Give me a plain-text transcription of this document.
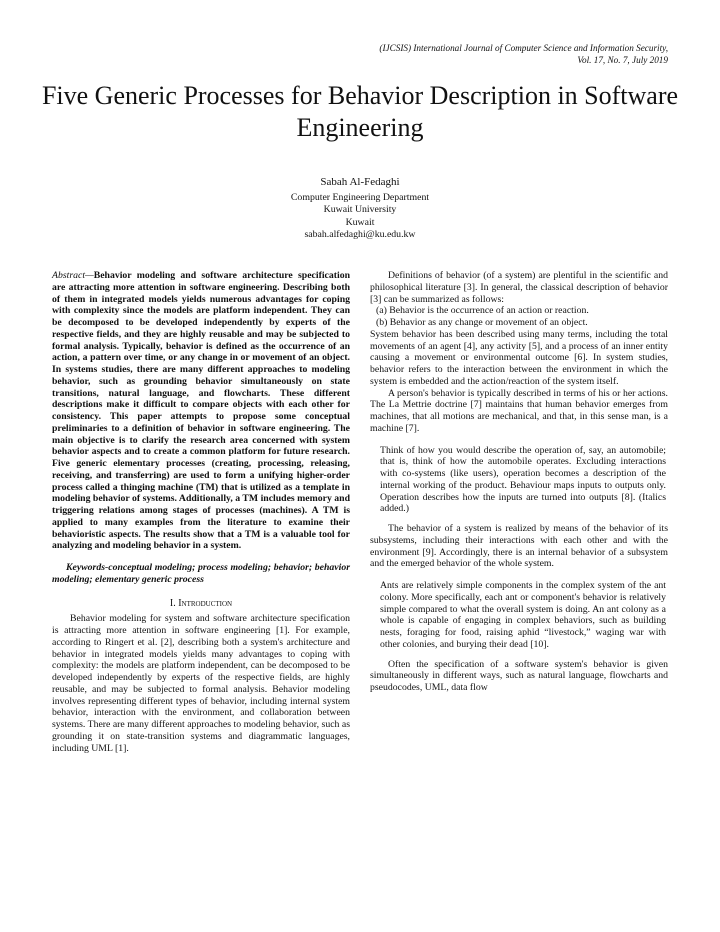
(IJCSIS) International Journal of Computer Science and Information Security,
Vol. 17, No. 7, July 2019
Five Generic Processes for Behavior Description in Software Engineering
Sabah Al-Fedaghi
Computer Engineering Department
Kuwait University
Kuwait
sabah.alfedaghi@ku.edu.kw

Abstract—Behavior modeling and software architecture specification are attracting more attention in software engineering. Describing both of them in integrated models yields numerous advantages for coping with complexity since the models are platform independent. They can be decomposed to be developed independently by experts of the respective fields, and they are highly reusable and may be subjected to formal analysis. Typically, behavior is defined as the occurrence of an action, a pattern over time, or any change in or movement of an object. In systems studies, there are many different approaches to modeling behavior, such as grounding behavior simultaneously on state transitions, natural language, and flowcharts. These different descriptions make it difficult to compare objects with each other for consistency. This paper attempts to propose some conceptual preliminaries to a definition of behavior in software engineering. The main objective is to clarify the research area concerned with system behavior aspects and to create a common platform for future research. Five generic elementary processes (creating, processing, releasing, receiving, and transferring) are used to form a unifying higher-order process called a thinging machine (TM) that is utilized as a template in modeling behavior of systems. Additionally, a TM includes memory and triggering relations among stages of processes (machines). A TM is applied to many examples from the literature to examine their behavioristic aspects. The results show that a TM is a valuable tool for analyzing and modeling behavior in a system.

Keywords-conceptual modeling; process modeling; behavior; behavior modeling; elementary generic process

I. Introduction

Behavior modeling for system and software architecture specification is attracting more attention in software engineering [1]. For example, according to Ringert et al. [2], describing both a system's architecture and behavior in integrated models yields many advantages to coping with complexity: the models are platform independent, can be decomposed to be developed independently by experts of the respective fields, are highly reusable, and may be subjected to formal analysis. Behavior modeling involves representing different types of behavior, including internal system behavior, interaction with the environment, and collaboration between systems. There are many different approaches to modeling behavior, such as grounding it on state-transition systems and diagrammatic languages, including UML [1].

Definitions of behavior (of a system) are plentiful in the scientific and philosophical literature [3]. In general, the classical description of behavior [3] can be summarized as follows:

(a) Behavior is the occurrence of an action or reaction.

(b) Behavior as any change or movement of an object.

System behavior has been described using many terms, including the total movements of an agent [4], any activity [5], and a process of an inner entity causing a movement or environmental outcome [6]. In system studies, behavior refers to the interaction between the environment in which the system is embedded and the action/reaction of the system itself.

A person's behavior is typically described in terms of his or her actions. The La Mettrie doctrine [7] maintains that human behavior emerges from machines, that all motions are mechanical, and that, in this sense man, is a machine [7].

Think of how you would describe the operation of, say, an automobile; that is, think of how the automobile operates. Excluding interactions with co-systems (like users), operation becomes a description of the internal working of the product. Behaviour maps inputs to outputs only. Operation describes how the inputs are turned into outputs [8]. (Italics added.)

The behavior of a system is realized by means of the behavior of its subsystems, including their interactions with each other and with the environment [9]. Accordingly, there is an internal behavior of a subsystem and the emerged behavior of the whole system.

Ants are relatively simple components in the complex system of the ant colony. More specifically, each ant or component's behavior is relatively simple compared to what the overall system is doing. An ant colony as a whole is capable of engaging in complex behaviors, such as building nests, foraging for food, raising aphid “livestock,” waging war with other colonies, and burying their dead [10].

Often the specification of a software system's behavior is given simultaneously in different ways, such as natural language, flowcharts and pseudocodes, UML, data flow
